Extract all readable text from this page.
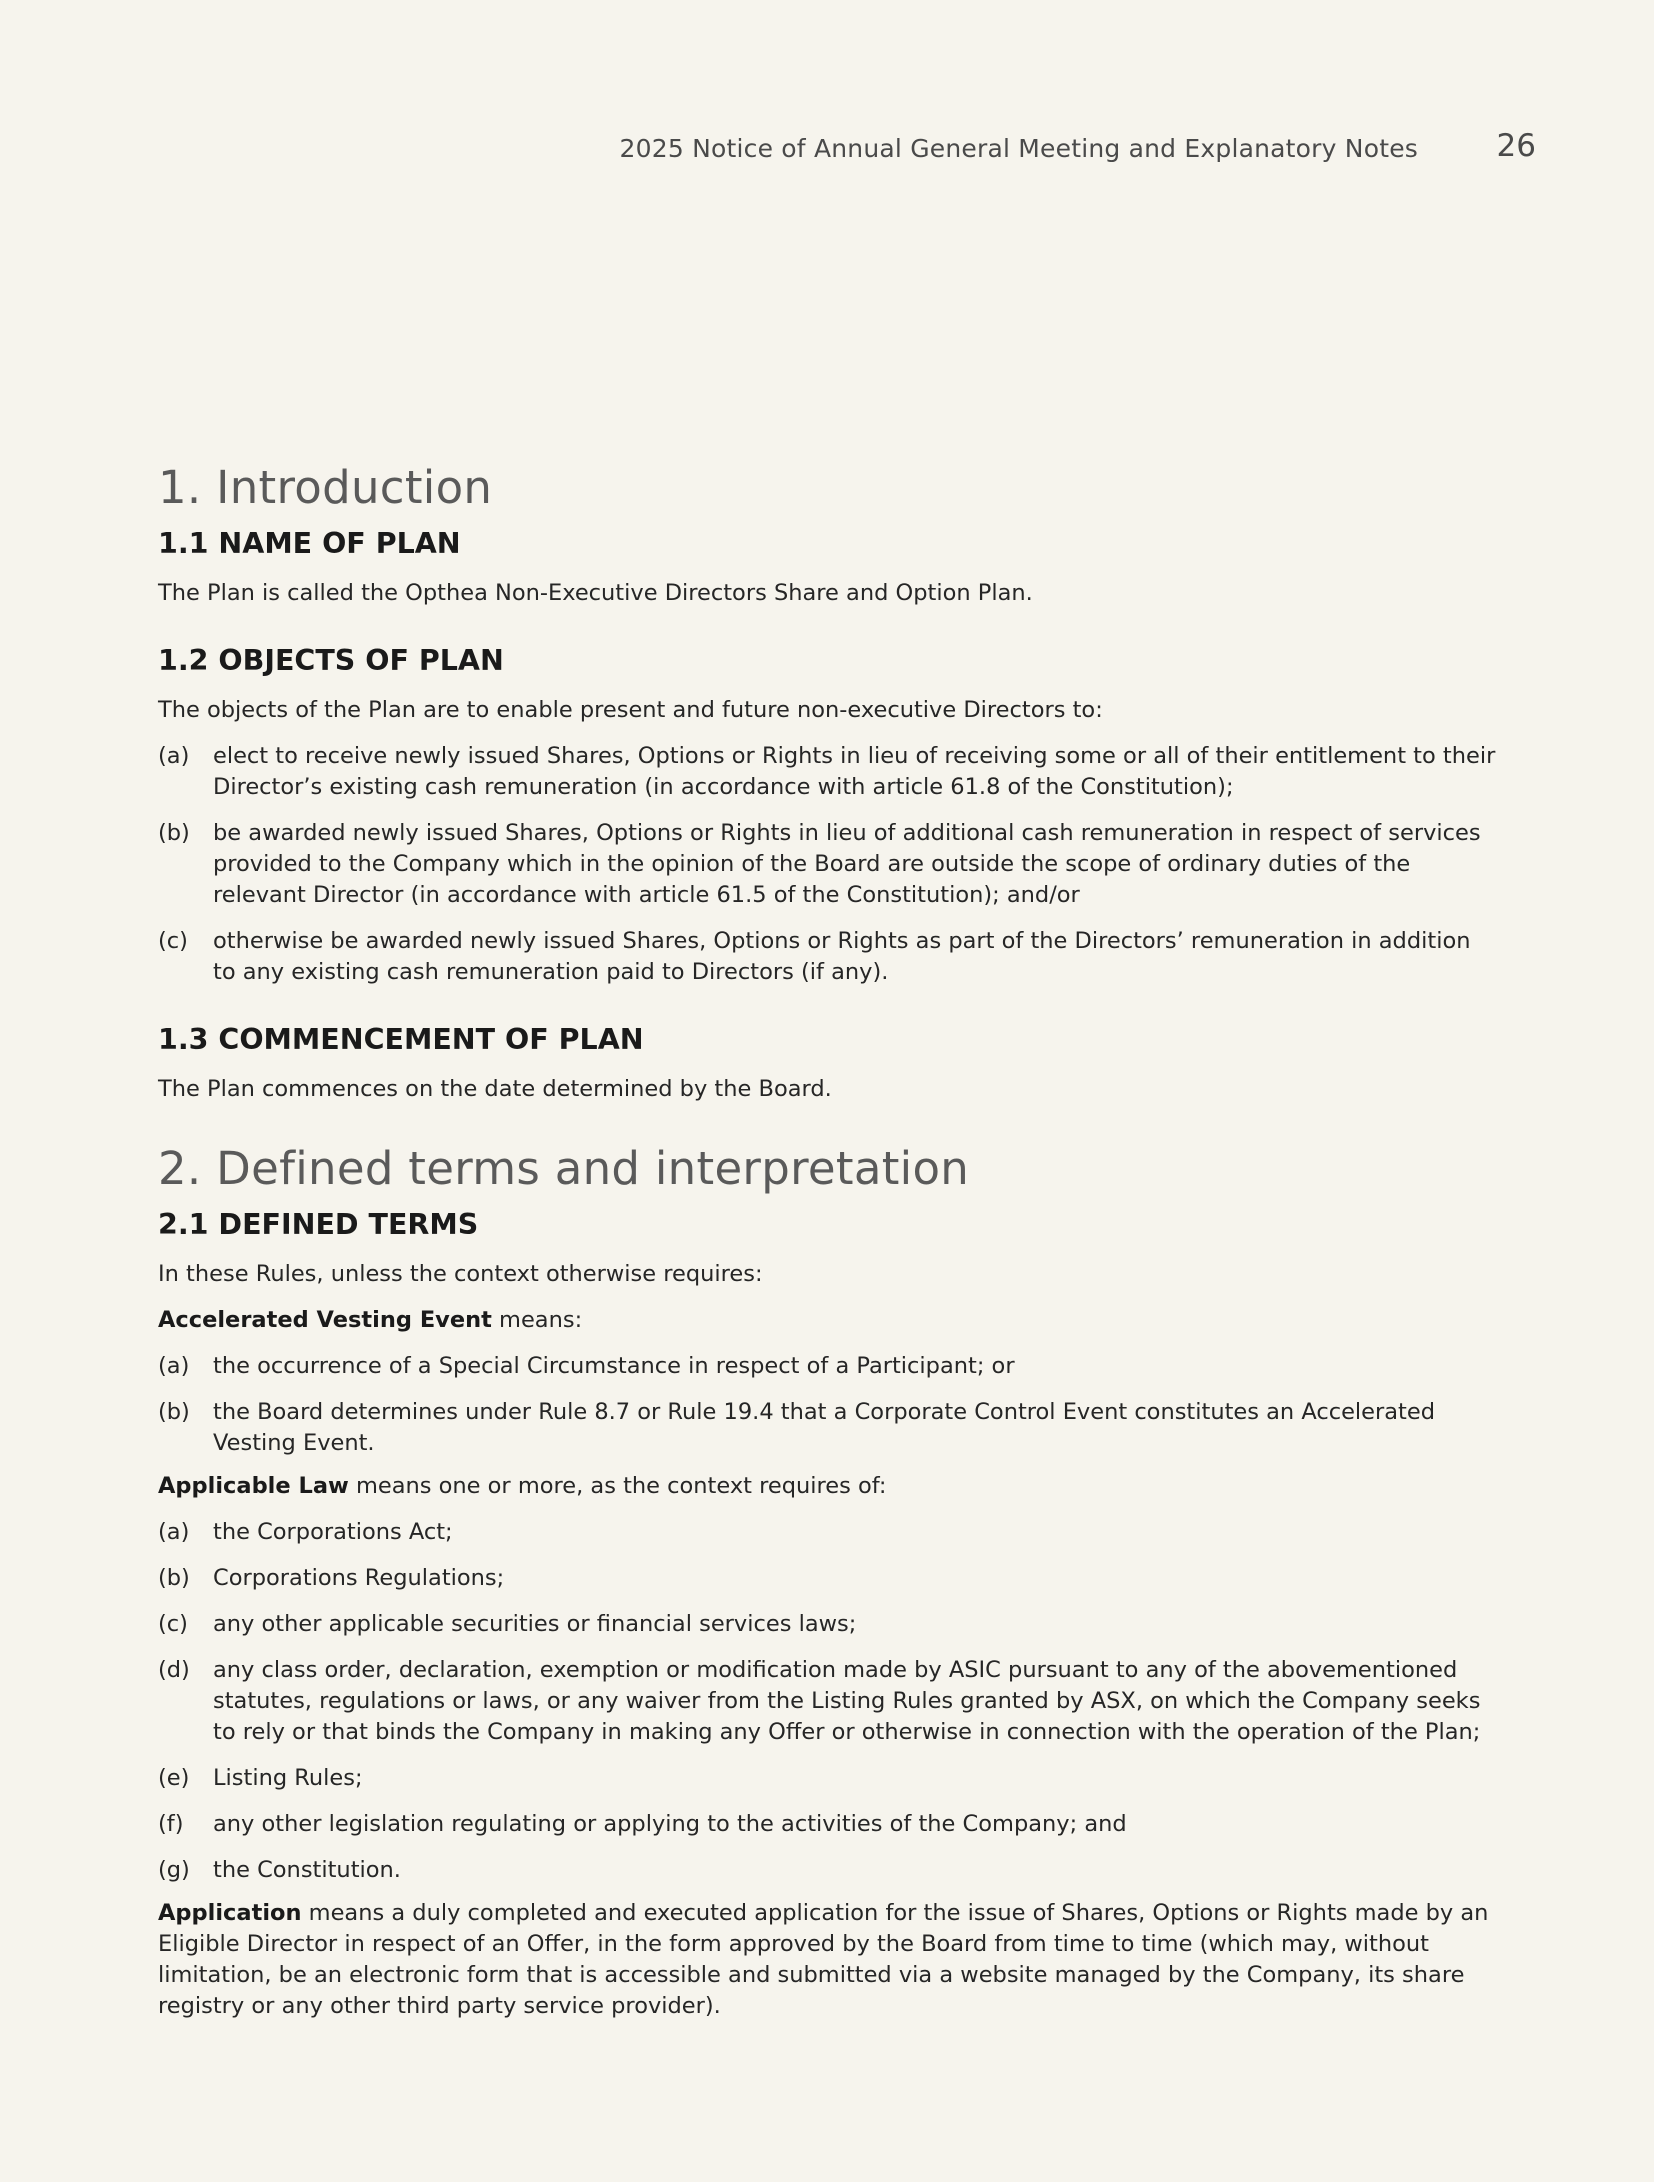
2025 Notice of Annual General Meeting and Explanatory Notes	26
1. Introduction
1.1 NAME OF PLAN

The Plan is called the Opthea Non-Executive Directors Share and Option Plan.

1.2 OBJECTS OF PLAN

The objects of the Plan are to enable present and future non-executive Directors to:

(a) elect to receive newly issued Shares, Options or Rights in lieu of receiving some or all of their entitlement to their Director’s existing cash remuneration (in accordance with article 61.8 of the Constitution);
(b) be awarded newly issued Shares, Options or Rights in lieu of additional cash remuneration in respect of services provided to the Company which in the opinion of the Board are outside the scope of ordinary duties of the relevant Director (in accordance with article 61.5 of the Constitution); and/or
(c) otherwise be awarded newly issued Shares, Options or Rights as part of the Directors’ remuneration in addition to any existing cash remuneration paid to Directors (if any).
1.3 COMMENCEMENT OF PLAN

The Plan commences on the date determined by the Board.

2. Defined terms and interpretation
2.1 DEFINED TERMS

In these Rules, unless the context otherwise requires:

Accelerated Vesting Event means:

(a) the occurrence of a Special Circumstance in respect of a Participant; or
(b) the Board determines under Rule 8.7 or Rule 19.4 that a Corporate Control Event constitutes an Accelerated Vesting Event.

Applicable Law means one or more, as the context requires of:

(a) the Corporations Act;
(b) Corporations Regulations;
(c) any other applicable securities or financial services laws;
(d) any class order, declaration, exemption or modification made by ASIC pursuant to any of the abovementioned statutes, regulations or laws, or any waiver from the Listing Rules granted by ASX, on which the Company seeks to rely or that binds the Company in making any Offer or otherwise in connection with the operation of the Plan;
(e) Listing Rules;
(f) any other legislation regulating or applying to the activities of the Company; and
(g) the Constitution.

Application means a duly completed and executed application for the issue of Shares, Options or Rights made by an Eligible Director in respect of an Offer, in the form approved by the Board from time to time (which may, without limitation, be an electronic form that is accessible and submitted via a website managed by the Company, its share registry or any other third party service provider).
